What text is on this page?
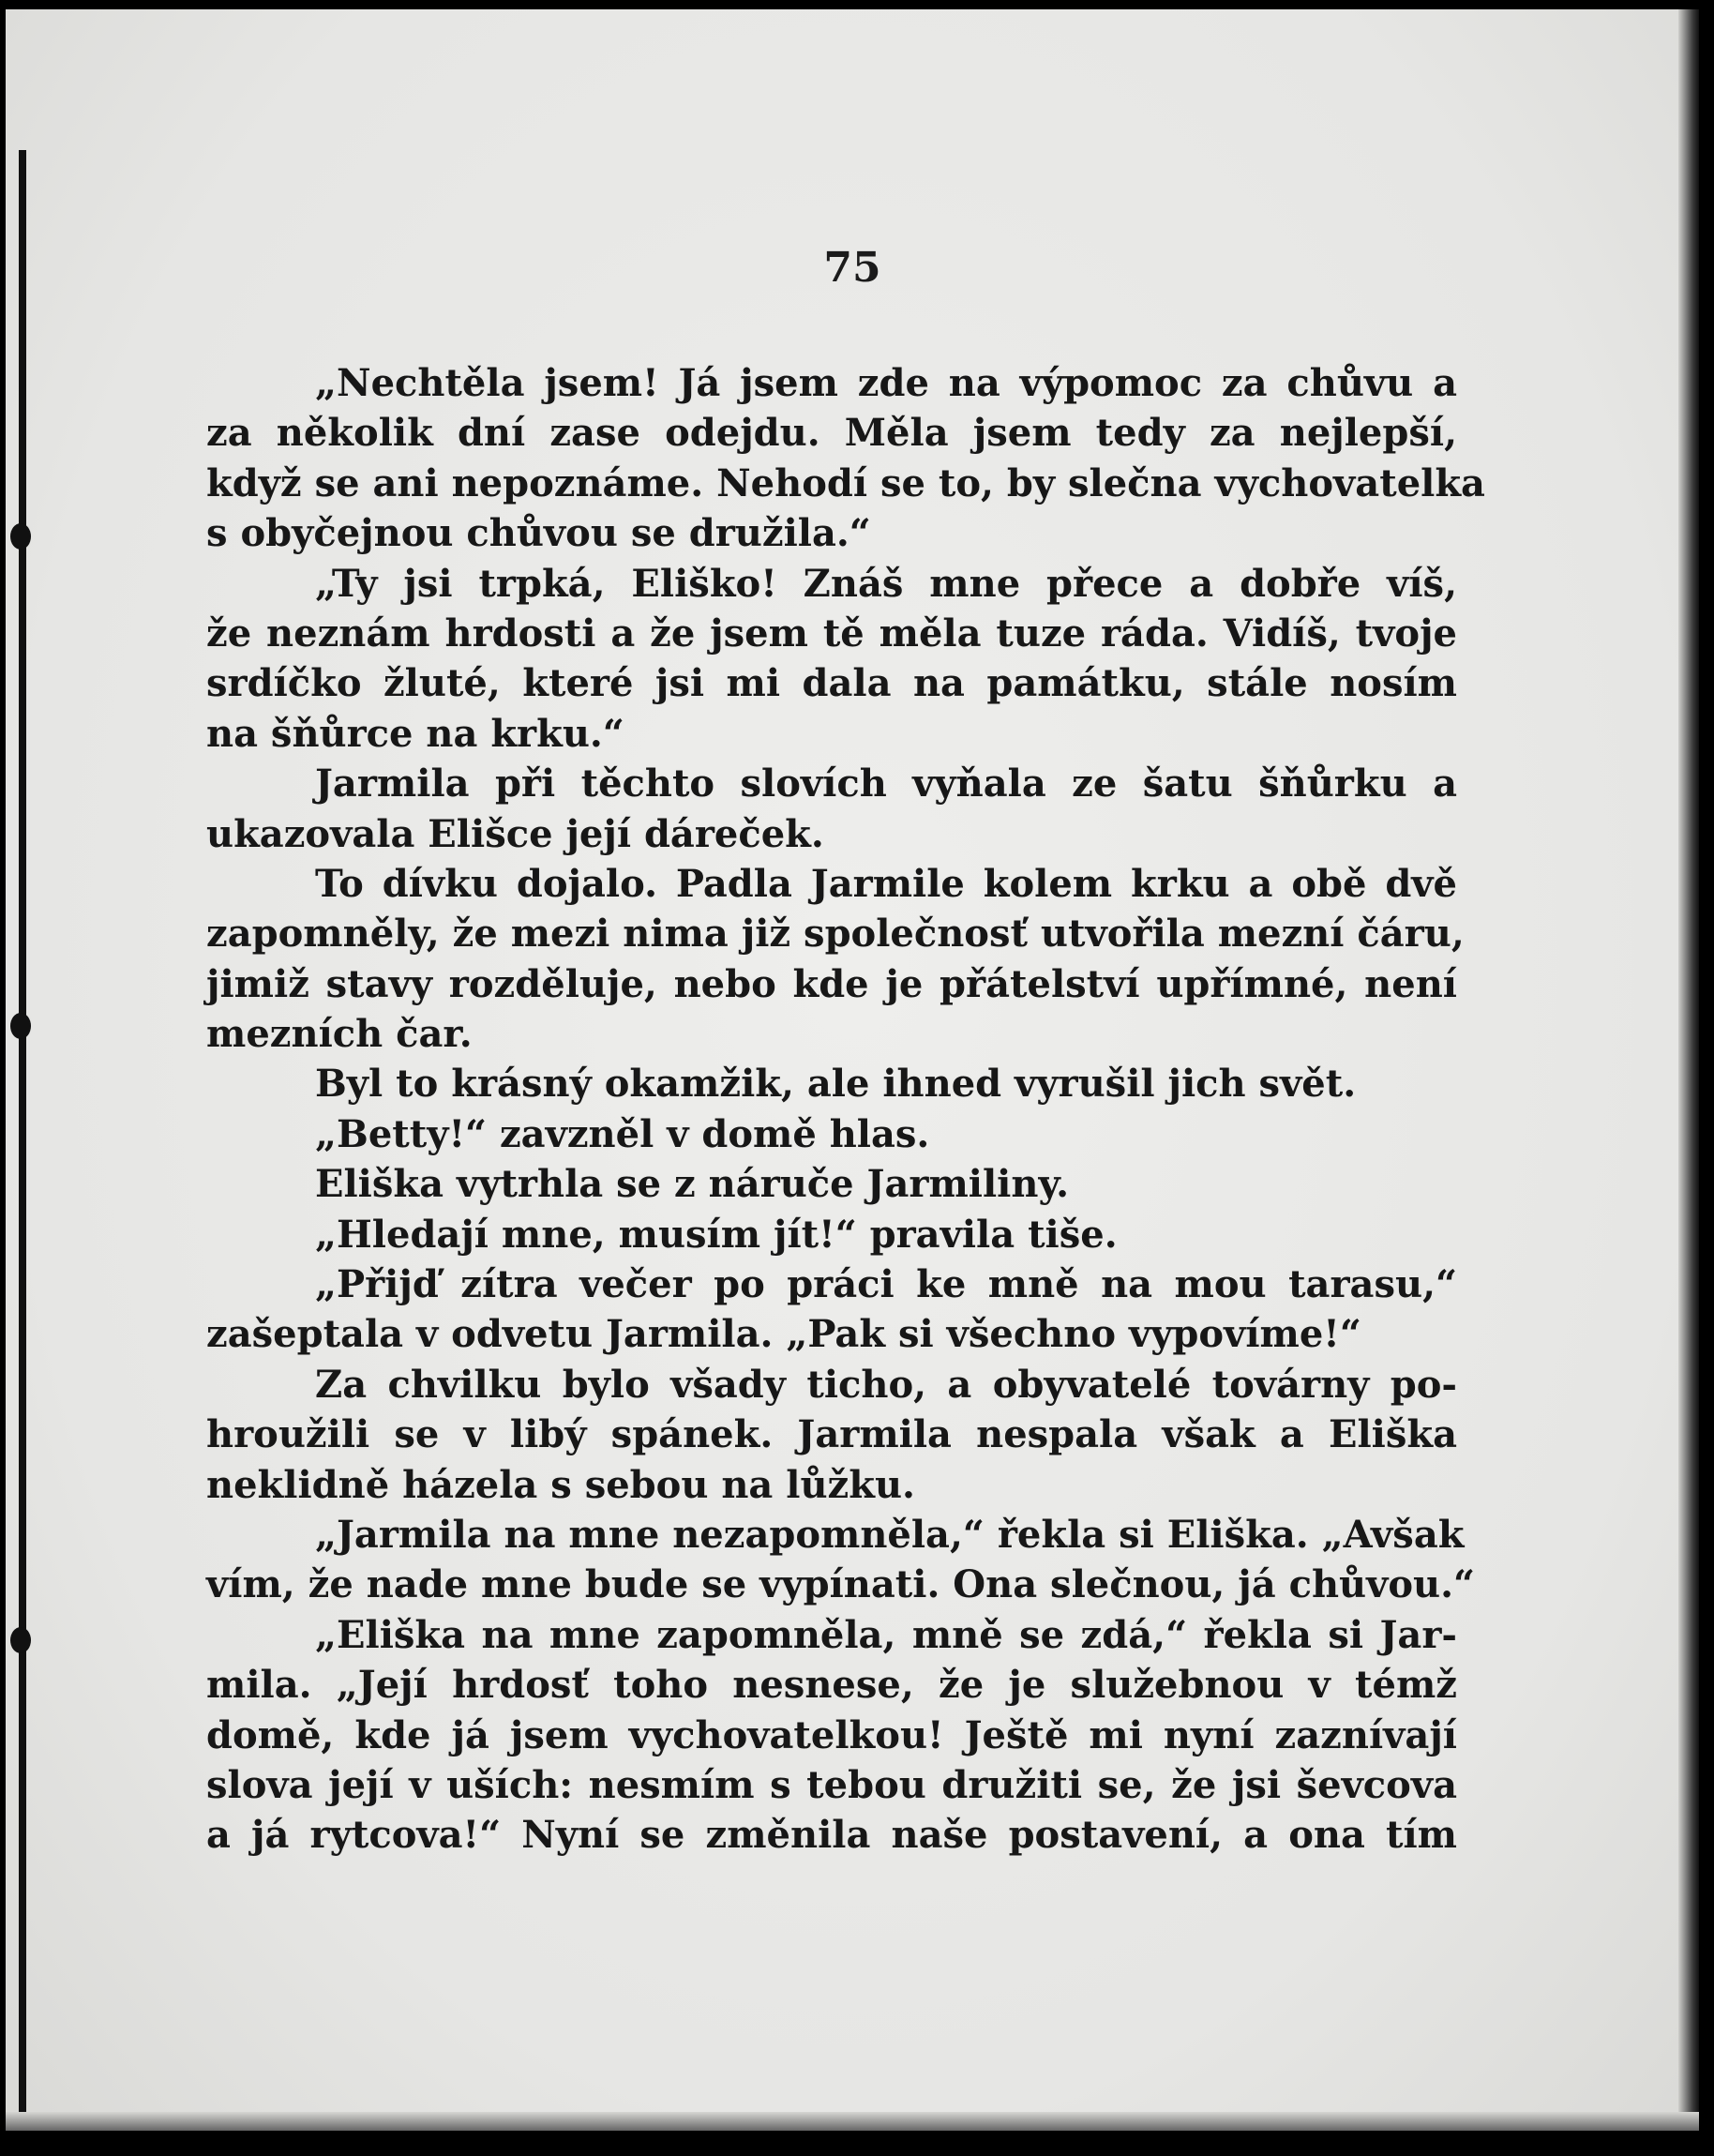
75
„Nechtěla jsem! Já jsem zde na výpomoc za chůvu a
za několik dní zase odejdu. Měla jsem tedy za nejlepší,
když se ani nepoznáme. Nehodí se to, by slečna vychovatelka
s obyčejnou chůvou se družila.“
„Ty jsi trpká, Eliško! Znáš mne přece a dobře víš,
že neznám hrdosti a že jsem tě měla tuze ráda. Vidíš, tvoje
srdíčko žluté, které jsi mi dala na památku, stále nosím
na šňůrce na krku.“
Jarmila při těchto slovích vyňala ze šatu šňůrku a
ukazovala Elišce její dáreček.
To dívku dojalo. Padla Jarmile kolem krku a obě dvě
zapomněly, že mezi nima již společnosť utvořila mezní čáru,
jimiž stavy rozděluje, nebo kde je přátelství upřímné, není
mezních čar.
Byl to krásný okamžik, ale ihned vyrušil jich svět.
„Betty!“ zavzněl v domě hlas.
Eliška vytrhla se z náruče Jarmiliny.
„Hledají mne, musím jít!“ pravila tiše.
„Přijď zítra večer po práci ke mně na mou tarasu,“
zašeptala v odvetu Jarmila. „Pak si všechno vypovíme!“
Za chvilku bylo všady ticho, a obyvatelé továrny po-
hroužili se v libý spánek. Jarmila nespala však a Eliška
neklidně házela s sebou na lůžku.
„Jarmila na mne nezapomněla,“ řekla si Eliška. „Avšak
vím, že nade mne bude se vypínati. Ona slečnou, já chůvou.“
„Eliška na mne zapomněla, mně se zdá,“ řekla si Jar-
mila. „Její hrdosť toho nesnese, že je služebnou v témž
domě, kde já jsem vychovatelkou! Ještě mi nyní zaznívají
slova její v uších: nesmím s tebou družiti se, že jsi ševcova
a já rytcova!“ Nyní se změnila naše postavení, a ona tím
